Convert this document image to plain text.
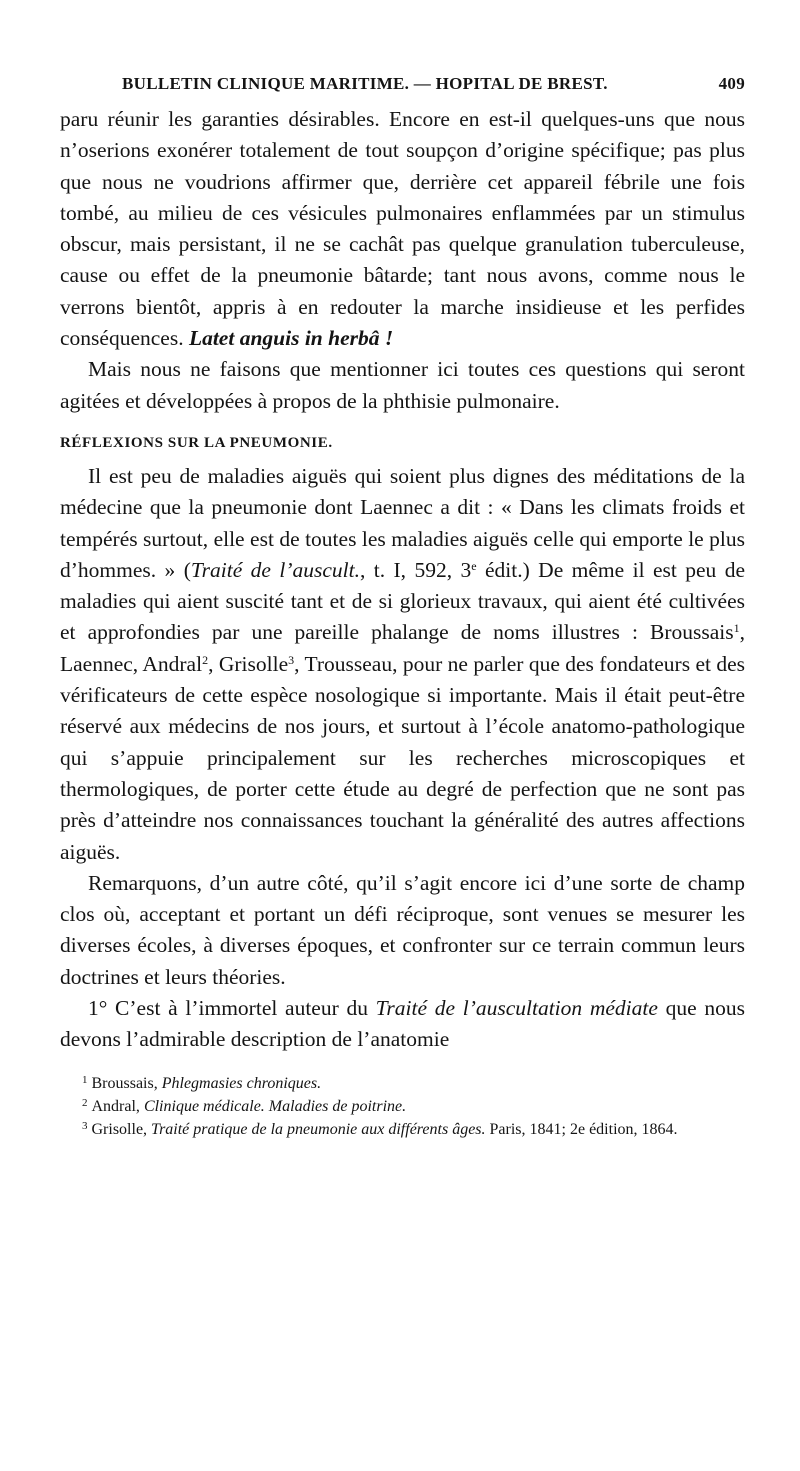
BULLETIN CLINIQUE MARITIME. — HOPITAL DE BREST.	409

paru réunir les garanties désirables. Encore en est-il quelques-uns que nous n’oserions exonérer totalement de tout soupçon d’origine spécifique; pas plus que nous ne voudrions affirmer que, derrière cet appareil fébrile une fois tombé, au milieu de ces vésicules pulmonaires enflammées par un stimulus obscur, mais persistant, il ne se cachât pas quelque granulation tuberculeuse, cause ou effet de la pneumonie bâtarde; tant nous avons, comme nous le verrons bientôt, appris à en redouter la marche insidieuse et les perfides conséquences. Latet anguis in herbâ !

Mais nous ne faisons que mentionner ici toutes ces questions qui seront agitées et développées à propos de la phthisie pulmonaire.

RÉFLEXIONS SUR LA PNEUMONIE.

Il est peu de maladies aiguës qui soient plus dignes des méditations de la médecine que la pneumonie dont Laennec a dit : « Dans les climats froids et tempérés surtout, elle est de toutes les maladies aiguës celle qui emporte le plus d’hommes. » (Traité de l’auscult., t. I, 592, 3e édit.) De même il est peu de maladies qui aient suscité tant et de si glorieux travaux, qui aient été cultivées et approfondies par une pareille phalange de noms illustres : Broussais$^1$, Laennec, Andral$^2$, Grisolle$^3$, Trousseau, pour ne parler que des fondateurs et des vérificateurs de cette espèce nosologique si importante. Mais il était peut-être réservé aux médecins de nos jours, et surtout à l’école anatomo-pathologique qui s’appuie principalement sur les recherches microscopiques et thermologiques, de porter cette étude au degré de perfection que ne sont pas près d’atteindre nos connaissances touchant la généralité des autres affections aiguës.

Remarquons, d’un autre côté, qu’il s’agit encore ici d’une sorte de champ clos où, acceptant et portant un défi réciproque, sont venues se mesurer les diverses écoles, à diverses époques, et confronter sur ce terrain commun leurs doctrines et leurs théories.

1° C’est à l’immortel auteur du Traité de l’auscultation médiate que nous devons l’admirable description de l’anatomie

$^1$ Broussais, Phlegmasies chroniques.

$^2$ Andral, Clinique médicale. Maladies de poitrine.

$^3$ Grisolle, Traité pratique de la pneumonie aux différents âges. Paris, 1841; 2e édition, 1864.
